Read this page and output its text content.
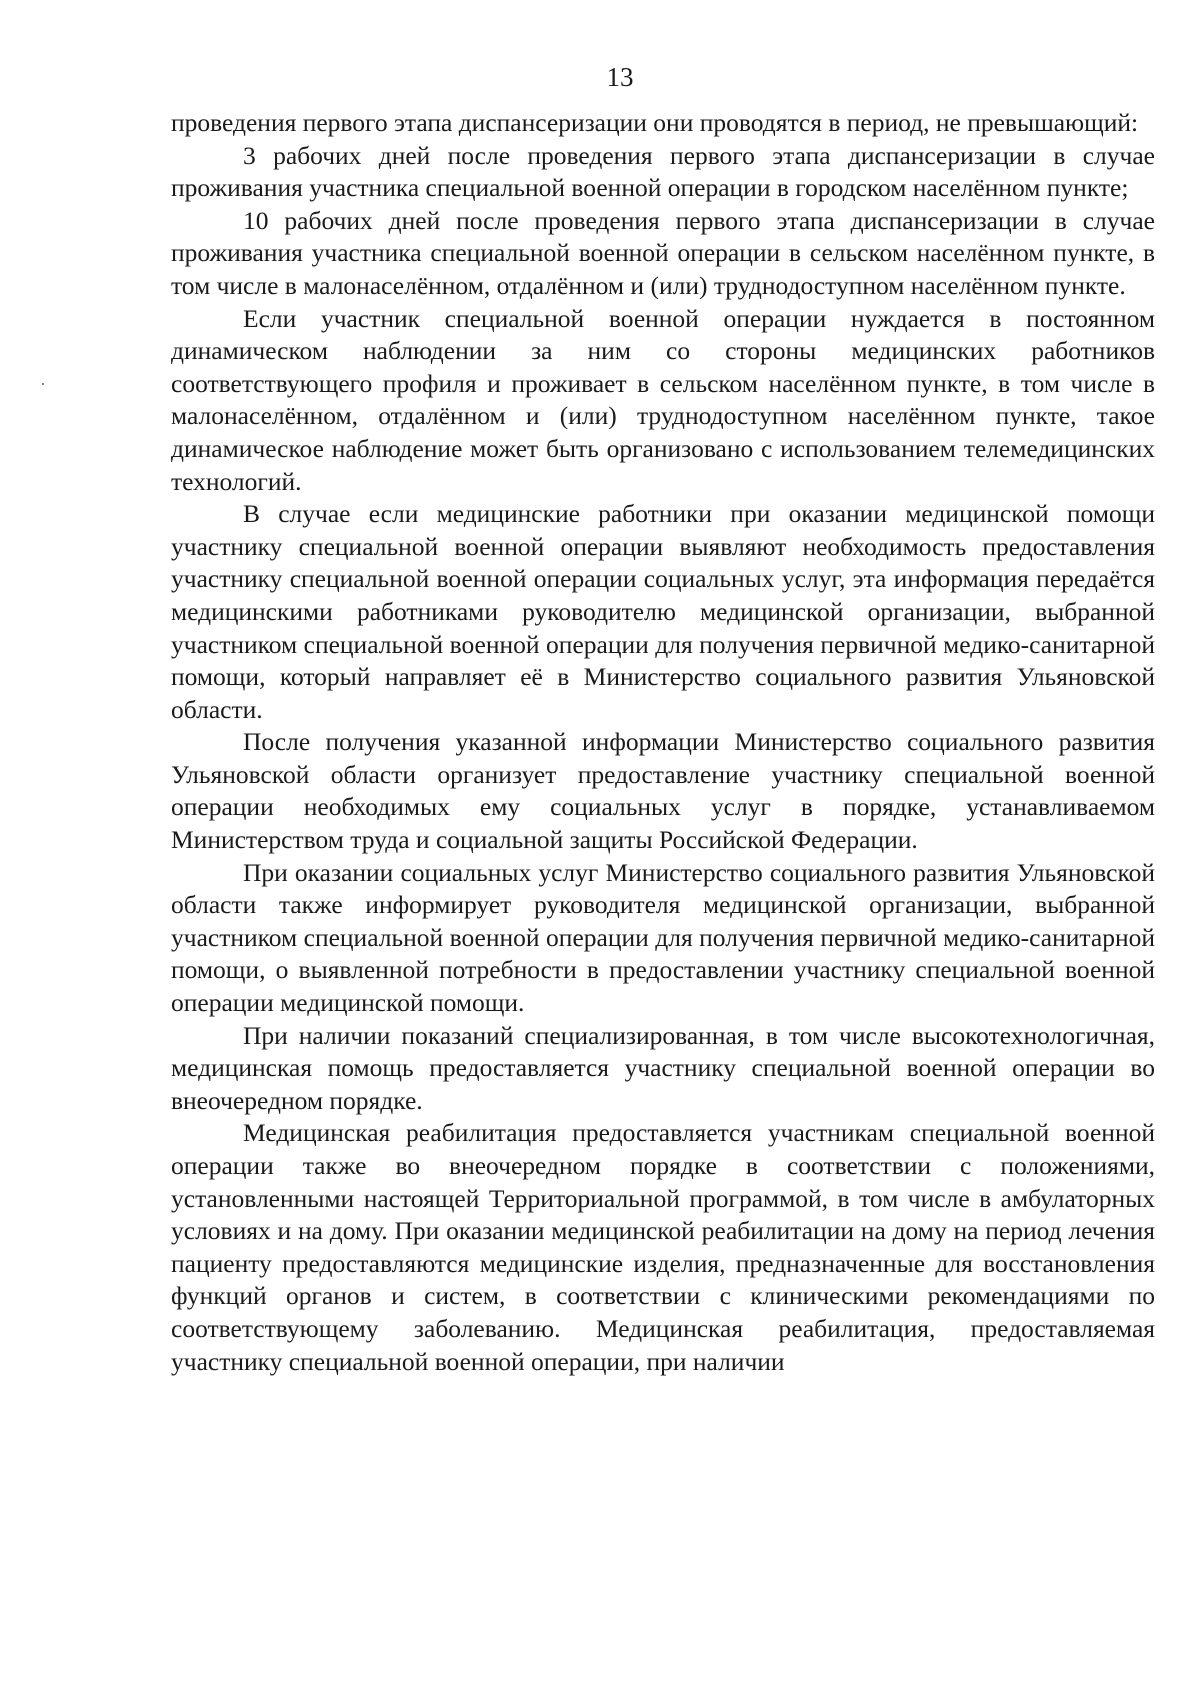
13

проведения первого этапа диспансеризации они проводятся в период, не превышающий:

3 рабочих дней после проведения первого этапа диспансеризации в случае проживания участника специальной военной операции в городском населённом пункте;

10 рабочих дней после проведения первого этапа диспансеризации в случае проживания участника специальной военной операции в сельском населённом пункте, в том числе в малонаселённом, отдалённом и (или) труднодоступном населённом пункте.

Если участник специальной военной операции нуждается в постоянном динамическом наблюдении за ним со стороны медицинских работников соответствующего профиля и проживает в сельском населённом пункте, в том числе в малонаселённом, отдалённом и (или) труднодоступном населённом пункте, такое динамическое наблюдение может быть организовано с использованием телемедицинских технологий.

В случае если медицинские работники при оказании медицинской помощи участнику специальной военной операции выявляют необходимость предоставления участнику специальной военной операции социальных услуг, эта информация передаётся медицинскими работниками руководителю медицинской организации, выбранной участником специальной военной операции для получения первичной медико-санитарной помощи, который направляет её в Министерство социального развития Ульяновской области.

После получения указанной информации Министерство социального развития Ульяновской области организует предоставление участнику специальной военной операции необходимых ему социальных услуг в порядке, устанавливаемом Министерством труда и социальной защиты Российской Федерации.

При оказании социальных услуг Министерство социального развития Ульяновской области также информирует руководителя медицинской организации, выбранной участником специальной военной операции для получения первичной медико-санитарной помощи, о выявленной потребности в предоставлении участнику специальной военной операции медицинской помощи.

При наличии показаний специализированная, в том числе высокотехнологичная, медицинская помощь предоставляется участнику специальной военной операции во внеочередном порядке.

Медицинская реабилитация предоставляется участникам специальной военной операции также во внеочередном порядке в соответствии с положениями, установленными настоящей Территориальной программой, в том числе в амбулаторных условиях и на дому. При оказании медицинской реабилитации на дому на период лечения пациенту предоставляются медицинские изделия, предназначенные для восстановления функций органов и систем, в соответствии с клиническими рекомендациями по соответствующему заболеванию. Медицинская реабилитация, предоставляемая участнику специальной военной операции, при наличии
